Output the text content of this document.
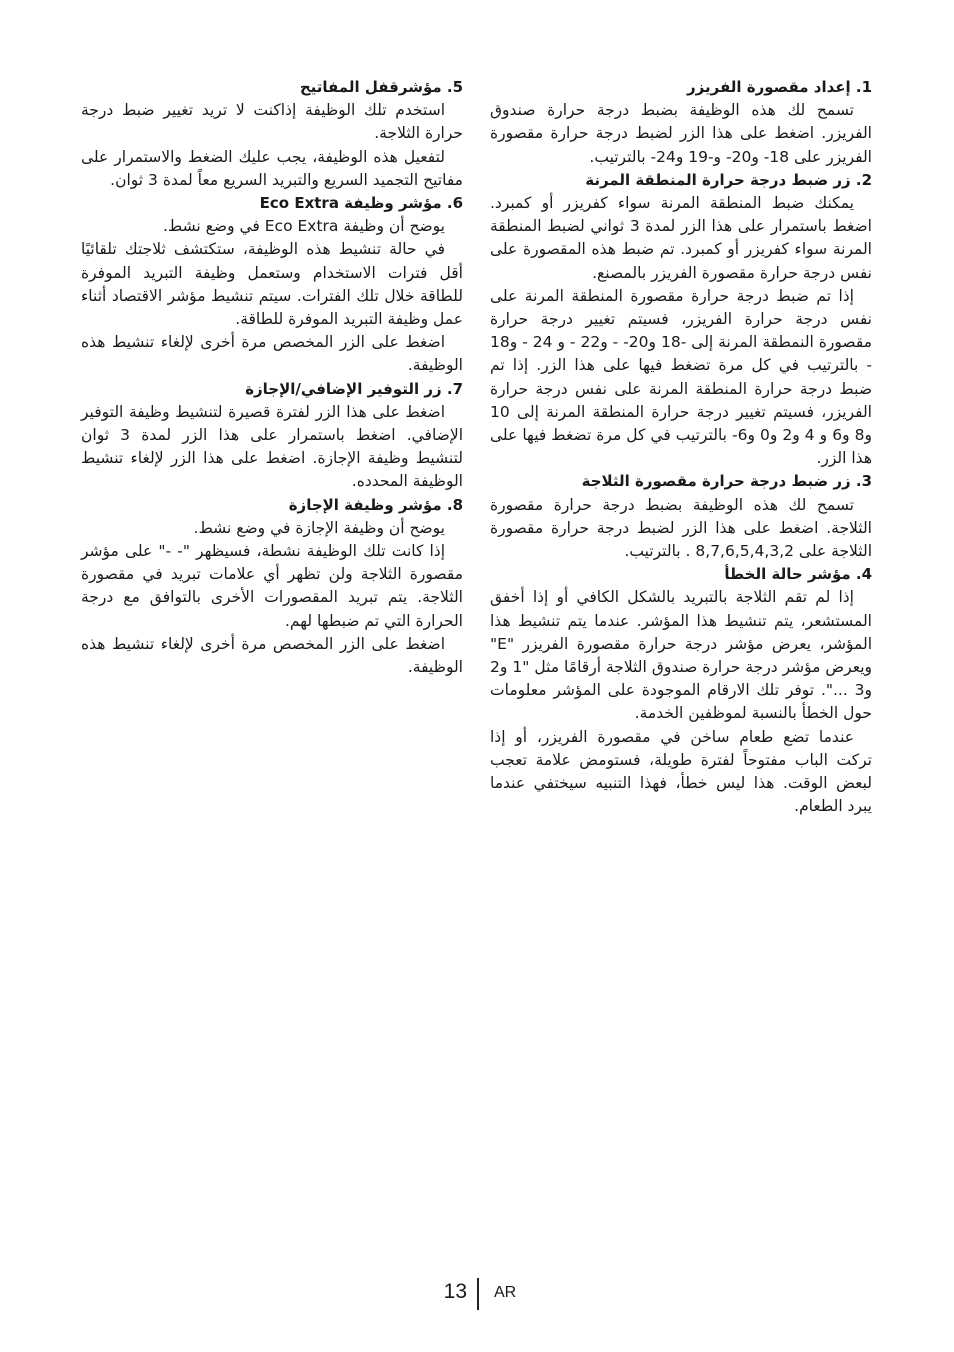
1. إعداد مقصورة الفريزر

تسمح لك هذه الوظيفة بضبط درجة حرارة صندوق الفريزر. اضغط على هذا الزر لضبط درجة حرارة مقصورة الفريزر على 18- و20- و-19 و24- بالترتيب.

2. زر ضبط درجة حرارة المنطقة المرنة

يمكنك ضبط المنطقة المرنة سواء كفريزر أو كمبرد. اضغط باستمرار على هذا الزر لمدة 3 ثواني لضبط المنطقة المرنة سواء كفريزر أو كمبرد. تم ضبط هذه المقصورة على نفس درجة حرارة مقصورة الفريزر بالمصنع.

إذا تم ضبط درجة حرارة مقصورة المنطقة المرنة على نفس درجة حرارة الفريزر، فسيتم تغيير درجة حرارة مقصورة النمطقة المرنة إلى -18 و20- - و22 - و 24 - و18 - بالترتيب في كل مرة تضغط فيها على هذا الزر. إذا تم ضبط درجة حرارة المنطقة المرنة على نفس درجة حرارة الفريزر، فسيتم تغيير درجة حرارة المنطقة المرنة إلى 10 و8 و6 و 4 و2 و0 و6- بالترتيب في كل مرة تضغط فيها على هذا الزر.

3. زر ضبط درجة حرارة مقصورة الثلاجة

تسمح لك هذه الوظيفة بضبط درجة حرارة مقصورة الثلاجة. اضغط على هذا الزر لضبط درجة حرارة مقصورة الثلاجة على 8,7,6,5,4,3,2 . بالترتيب.

4. مؤشر حالة الخطأ

إذا لم تقم الثلاجة بالتبريد بالشكل الكافي أو إذا أخفق المستشعر، يتم تنشيط هذا المؤشر. عندما يتم تنشيط هذا المؤشر، يعرض مؤشر درجة حرارة مقصورة الفريزر "E" ويعرض مؤشر درجة حرارة صندوق الثلاجة أرقامًا مثل "1 و2 و3 ...". توفر تلك الارقام الموجودة على المؤشر معلومات حول الخطأ بالنسبة لموظفين الخدمة.

عندما تضع طعام ساخن في مقصورة الفريزر، أو إذا تركت الباب مفتوحاً لفترة طويلة، فستومض علامة تعجب لبعض الوقت. هذا ليس خطأ، فهذا التنبيه سيختفي عندما يبرد الطعام.

5. مؤشرقفل المفاتيح

استخدم تلك الوظيفة إذاكنت لا تريد تغيير ضبط درجة حرارة الثلاجة.

لتفعيل هذه الوظيفة، يجب عليك الضغط والاستمرار على مفاتيح التجميد السريع والتبريد السريع معاً لمدة 3 ثوان.

6. مؤشر وظيفة Eco Extra

يوضح أن وظيفة Eco Extra في وضع نشط.

في حالة تنشيط هذه الوظيفة، ستكتشف ثلاجتك تلقائيًا أقل فترات الاستخدام وستعمل وظيفة التبريد الموفرة للطاقة خلال تلك الفترات. سيتم تنشيط مؤشر الاقتصاد أثناء عمل وظيفة التبريد الموفرة للطاقة.

اضغط على الزر المخصص مرة أخرى لإلغاء تنشيط هذه الوظيفة.

7. زر التوفير الإضافي/الإجازة

اضغط على هذا الزر لفترة قصيرة لتنشيط وظيفة التوفير الإضافي. اضغط باستمرار على هذا الزر لمدة 3 ثوان لتنشيط وظيفة الإجازة. اضغط على هذا الزر لإلغاء تنشيط الوظيفة المحدده.

8. مؤشر وظيفة الإجازة

يوضح أن وظيفة الإجازة في وضع نشط.

إذا كانت تلك الوظيفة نشطة، فسيظهر "- -" على مؤشر مقصورة الثلاجة ولن تظهر أي علامات تبريد في مقصورة الثلاجة. يتم تبريد المقصورات الأخرى بالتوافق مع درجة الحرارة التي تم ضبطها لهم.

اضغط على الزر المخصص مرة أخرى لإلغاء تنشيط هذه الوظيفة.

13 AR
